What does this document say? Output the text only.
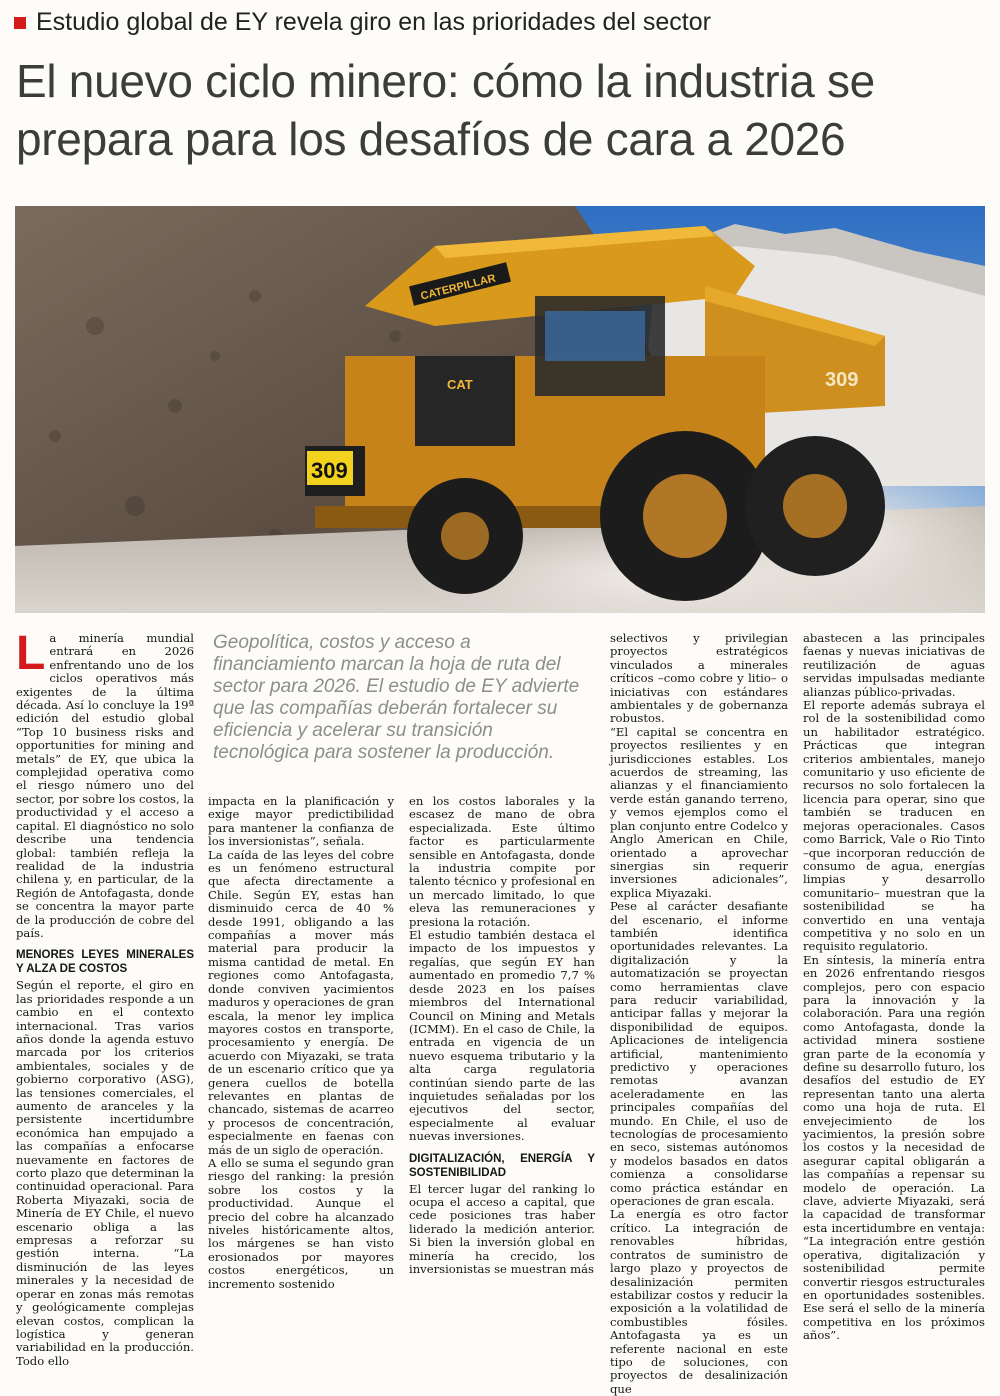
Estudio global de EY revela giro en las prioridades del sector
El nuevo ciclo minero: cómo la industria se prepara para los desafíos de cara a 2026
CATERPILLAR
CAT
309
309

La minería mundial entrará en 2026 enfrentando uno de los ciclos operativos más exigentes de la última década. Así lo concluye la 19ª edición del estudio global “Top 10 business risks and opportunities for mining and metals” de EY, que ubica la complejidad operativa como el riesgo número uno del sector, por sobre los costos, la productividad y el acceso a capital. El diagnóstico no solo describe una tendencia global: también refleja la realidad de la industria chilena y, en particular, de la Región de Antofagasta, donde se concentra la mayor parte de la producción de cobre del país.

MENORES LEYES MINERALES Y ALZA DE COSTOS

Según el reporte, el giro en las prioridades responde a un cambio en el contexto internacional. Tras varios años donde la agenda estuvo marcada por los criterios ambientales, sociales y de gobierno corporativo (ASG), las tensiones comerciales, el aumento de aranceles y la persistente incertidumbre económica han empujado a las compañías a enfocarse nuevamente en factores de corto plazo que determinan la continuidad operacional. Para Roberta Miyazaki, socia de Minería de EY Chile, el nuevo escenario obliga a las empresas a reforzar su gestión interna. “La disminución de las leyes minerales y la necesidad de operar en zonas más remotas y geológicamente complejas elevan costos, complican la logística y generan variabilidad en la producción. Todo ello

Geopolítica, costos y acceso a financiamiento marcan la hoja de ruta del sector para 2026. El estudio de EY advierte que las compañías deberán fortalecer su eficiencia y acelerar su transición tecnológica para sostener la producción.

impacta en la planificación y exige mayor predictibilidad para mantener la confianza de los inversionistas”, señala.

La caída de las leyes del cobre es un fenómeno estructural que afecta directamente a Chile. Según EY, estas han disminuido cerca de 40 % desde 1991, obligando a las compañías a mover más material para producir la misma cantidad de metal. En regiones como Antofagasta, donde conviven yacimientos maduros y operaciones de gran escala, la menor ley implica mayores costos en transporte, procesamiento y energía. De acuerdo con Miyazaki, se trata de un escenario crítico que ya genera cuellos de botella relevantes en plantas de chancado, sistemas de acarreo y procesos de concentración, especialmente en faenas con más de un siglo de operación.

A ello se suma el segundo gran riesgo del ranking: la presión sobre los costos y la productividad. Aunque el precio del cobre ha alcanzado niveles históricamente altos, los márgenes se han visto erosionados por mayores costos energéticos, un incremento sostenido

en los costos laborales y la escasez de mano de obra especializada. Este último factor es particularmente sensible en Antofagasta, donde la industria compite por talento técnico y profesional en un mercado limitado, lo que eleva las remuneraciones y presiona la rotación.

El estudio también destaca el impacto de los impuestos y regalías, que según EY han aumentado en promedio 7,7 % desde 2023 en los países miembros del International Council on Mining and Metals (ICMM). En el caso de Chile, la entrada en vigencia de un nuevo esquema tributario y la alta carga regulatoria continúan siendo parte de las inquietudes señaladas por los ejecutivos del sector, especialmente al evaluar nuevas inversiones.

DIGITALIZACIÓN, ENERGÍA Y SOSTENIBILIDAD

El tercer lugar del ranking lo ocupa el acceso a capital, que cede posiciones tras haber liderado la medición anterior. Si bien la inversión global en minería ha crecido, los inversionistas se muestran más

selectivos y privilegian proyectos estratégicos vinculados a minerales críticos –como cobre y litio– o iniciativas con estándares ambientales y de gobernanza robustos.

“El capital se concentra en proyectos resilientes y en jurisdicciones estables. Los acuerdos de streaming, las alianzas y el financiamiento verde están ganando terreno, y vemos ejemplos como el plan conjunto entre Codelco y Anglo American en Chile, orientado a aprovechar sinergias sin requerir inversiones adicionales”, explica Miyazaki.

Pese al carácter desafiante del escenario, el informe también identifica oportunidades relevantes. La digitalización y la automatización se proyectan como herramientas clave para reducir variabilidad, anticipar fallas y mejorar la disponibilidad de equipos. Aplicaciones de inteligencia artificial, mantenimiento predictivo y operaciones remotas avanzan aceleradamente en las principales compañías del mundo. En Chile, el uso de tecnologías de procesamiento en seco, sistemas autónomos y modelos basados en datos comienza a consolidarse como práctica estándar en operaciones de gran escala.

La energía es otro factor crítico. La integración de renovables híbridas, contratos de suministro de largo plazo y proyectos de desalinización permiten estabilizar costos y reducir la exposición a la volatilidad de combustibles fósiles. Antofagasta ya es un referente nacional en este tipo de soluciones, con proyectos de desalinización que

abastecen a las principales faenas y nuevas iniciativas de reutilización de aguas servidas impulsadas mediante alianzas público-privadas.

El reporte además subraya el rol de la sostenibilidad como un habilitador estratégico. Prácticas que integran criterios ambientales, manejo comunitario y uso eficiente de recursos no solo fortalecen la licencia para operar, sino que también se traducen en mejoras operacionales. Casos como Barrick, Vale o Rio Tinto –que incorporan reducción de consumo de agua, energías limpias y desarrollo comunitario– muestran que la sostenibilidad se ha convertido en una ventaja competitiva y no solo en un requisito regulatorio.

En síntesis, la minería entra en 2026 enfrentando riesgos complejos, pero con espacio para la innovación y la colaboración. Para una región como Antofagasta, donde la actividad minera sostiene gran parte de la economía y define su desarrollo futuro, los desafíos del estudio de EY representan tanto una alerta como una hoja de ruta. El envejecimiento de los yacimientos, la presión sobre los costos y la necesidad de asegurar capital obligarán a las compañías a repensar su modelo de operación. La clave, advierte Miyazaki, será la capacidad de transformar esta incertidumbre en ventaja: “La integración entre gestión operativa, digitalización y sostenibilidad permite convertir riesgos estructurales en oportunidades sostenibles. Ese será el sello de la minería competitiva en los próximos años”.
